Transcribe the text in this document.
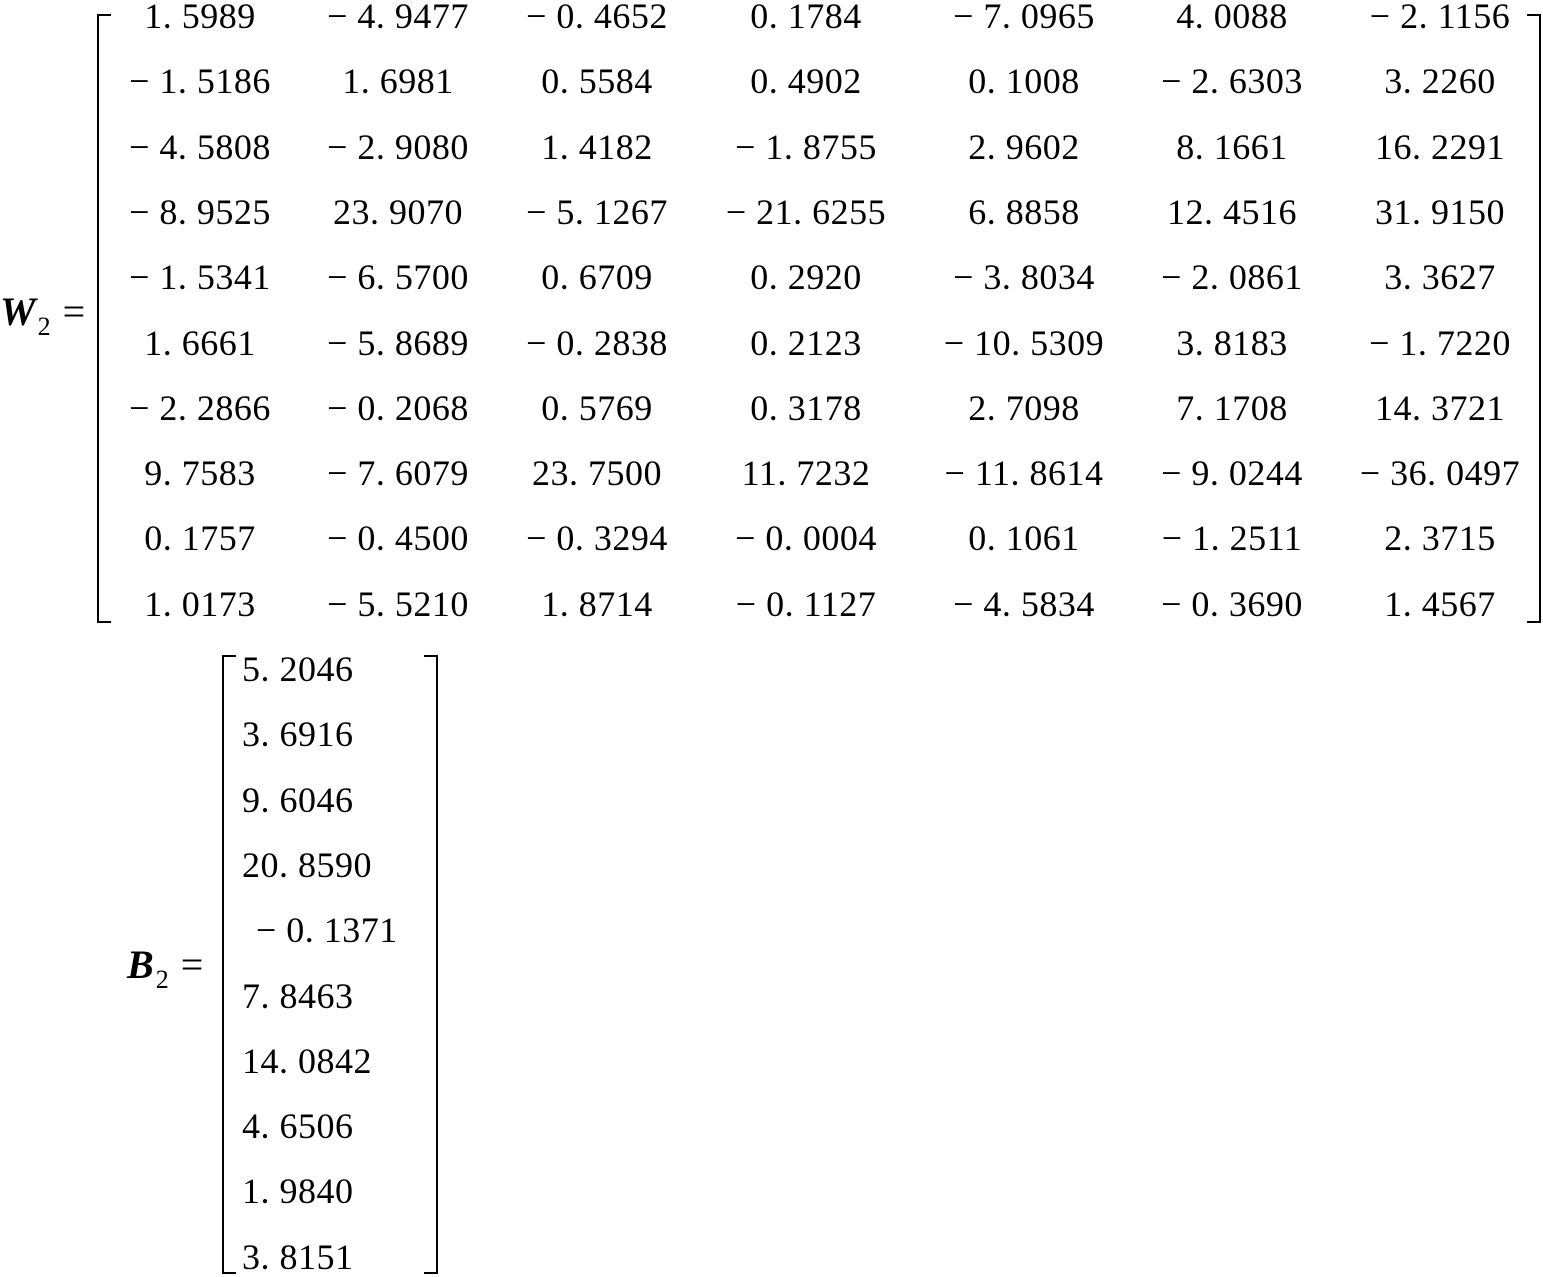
$W_2$ =
1. 5989 − 4. 9477 − 0. 4652 0. 1784	− 7. 0965 4. 0088 − 2. 1156
− 1. 5186 1. 6981 0. 5584	0. 4902	0. 1008 − 2. 6303 3. 2260
− 4. 5808 − 2. 9080 1. 4182 − 1. 8755	2. 9602	8. 1661 16. 2291
− 8. 9525 23. 9070 − 5. 1267 − 21. 6255 6. 8858 12. 4516 31. 9150
− 1. 5341 − 6. 5700 0. 6709	0. 2920	− 3. 8034 − 2. 0861 3. 3627
1. 6661 − 5. 8689 − 0. 2838 0. 2123 − 10. 5309 3. 8183 − 1. 7220
− 2. 2866 − 0. 2068 0. 5769	0. 3178	2. 7098	7. 1708 14. 3721
9. 7583 − 7. 6079 23. 7500 11. 7232 − 11. 8614 − 9. 0244 − 36. 0497
0. 1757 − 0. 4500 − 0. 3294 − 0. 0004	0. 1061 − 1. 2511 2. 3715
1. 0173 − 5. 5210 1. 8714 − 0. 1127 − 4. 5834 − 0. 3690 1. 4567
$B_2$ =
5. 2046
3. 6916
9. 6046
20. 8590
− 0. 1371
7. 8463
14. 0842
4. 6506
1. 9840
3. 8151
